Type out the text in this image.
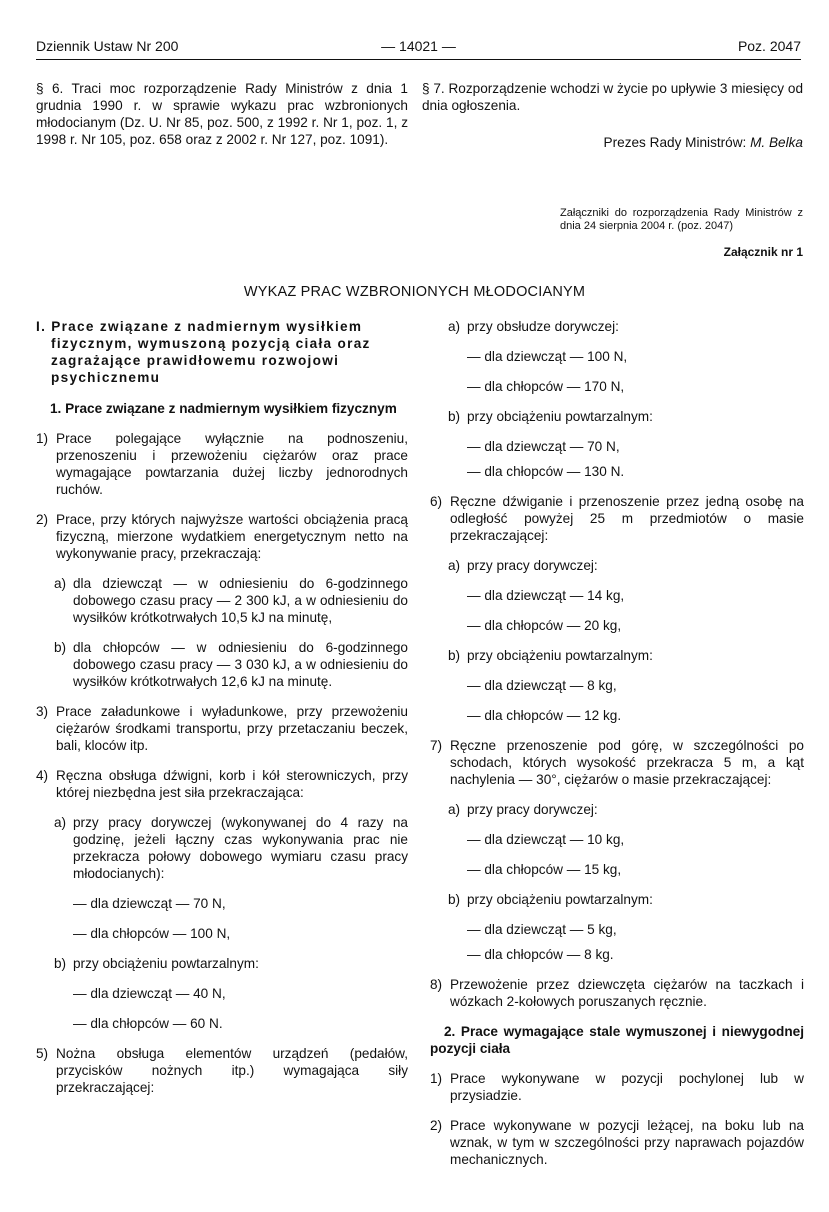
Dziennik Ustaw Nr 200	— 14021 —	Poz. 2047

§ 6. Traci moc rozporządzenie Rady Ministrów z dnia 1 grudnia 1990 r. w sprawie wykazu prac wzbronionych młodocianym (Dz. U. Nr 85, poz. 500, z 1992 r. Nr 1, poz. 1, z 1998 r. Nr 105, poz. 658 oraz z 2002 r. Nr 127, poz. 1091).

§ 7. Rozporządzenie wchodzi w życie po upływie 3 miesięcy od dnia ogłoszenia.

Prezes Rady Ministrów: M. Belka

Załączniki do rozporządzenia Rady Ministrów z dnia 24 sierpnia 2004 r. (poz. 2047)
Załącznik nr 1
WYKAZ PRAC WZBRONIONYCH MŁODOCIANYM

I. Prace związane z nadmiernym wysiłkiem fizycznym, wymuszoną pozycją ciała oraz zagrażające prawidłowemu rozwojowi psychicznemu

1. Prace związane z nadmiernym wysiłkiem fizycznym

1) Prace polegające wyłącznie na podnoszeniu, przenoszeniu i przewożeniu ciężarów oraz prace wymagające powtarzania dużej liczby jednorodnych ruchów.
2) Prace, przy których najwyższe wartości obciążenia pracą fizyczną, mierzone wydatkiem energetycznym netto na wykonywanie pracy, przekraczają:
a) dla dziewcząt — w odniesieniu do 6-godzinnego dobowego czasu pracy — 2 300 kJ, a w odniesieniu do wysiłków krótkotrwałych 10,5 kJ na minutę,
b) dla chłopców — w odniesieniu do 6-godzinnego dobowego czasu pracy — 3 030 kJ, a w odniesieniu do wysiłków krótkotrwałych 12,6 kJ na minutę.
3) Prace załadunkowe i wyładunkowe, przy przewożeniu ciężarów środkami transportu, przy przetaczaniu beczek, bali, kloców itp.
4) Ręczna obsługa dźwigni, korb i kół sterowniczych, przy której niezbędna jest siła przekraczająca:
a) przy pracy dorywczej (wykonywanej do 4 razy na godzinę, jeżeli łączny czas wykonywania prac nie przekracza połowy dobowego wymiaru czasu pracy młodocianych):

— dla dziewcząt — 70 N,

— dla chłopców — 100 N,

b) przy obciążeniu powtarzalnym:

— dla dziewcząt — 40 N,

— dla chłopców — 60 N.

5) Nożna obsługa elementów urządzeń (pedałów, przycisków nożnych itp.) wymagająca siły przekraczającej:
a) przy obsłudze dorywczej:

— dla dziewcząt — 100 N,

— dla chłopców — 170 N,

b) przy obciążeniu powtarzalnym:

— dla dziewcząt — 70 N,

— dla chłopców — 130 N.

6) Ręczne dźwiganie i przenoszenie przez jedną osobę na odległość powyżej 25 m przedmiotów o masie przekraczającej:
a) przy pracy dorywczej:

— dla dziewcząt — 14 kg,

— dla chłopców — 20 kg,

b) przy obciążeniu powtarzalnym:

— dla dziewcząt — 8 kg,

— dla chłopców — 12 kg.

7) Ręczne przenoszenie pod górę, w szczególności po schodach, których wysokość przekracza 5 m, a kąt nachylenia — 30°, ciężarów o masie przekraczającej:
a) przy pracy dorywczej:

— dla dziewcząt — 10 kg,

— dla chłopców — 15 kg,

b) przy obciążeniu powtarzalnym:

— dla dziewcząt — 5 kg,

— dla chłopców — 8 kg.

8) Przewożenie przez dziewczęta ciężarów na taczkach i wózkach 2-kołowych poruszanych ręcznie.

2. Prace wymagające stale wymuszonej i niewygodnej pozycji ciała

1) Prace wykonywane w pozycji pochylonej lub w przysiadzie.
2) Prace wykonywane w pozycji leżącej, na boku lub na wznak, w tym w szczególności przy naprawach pojazdów mechanicznych.
